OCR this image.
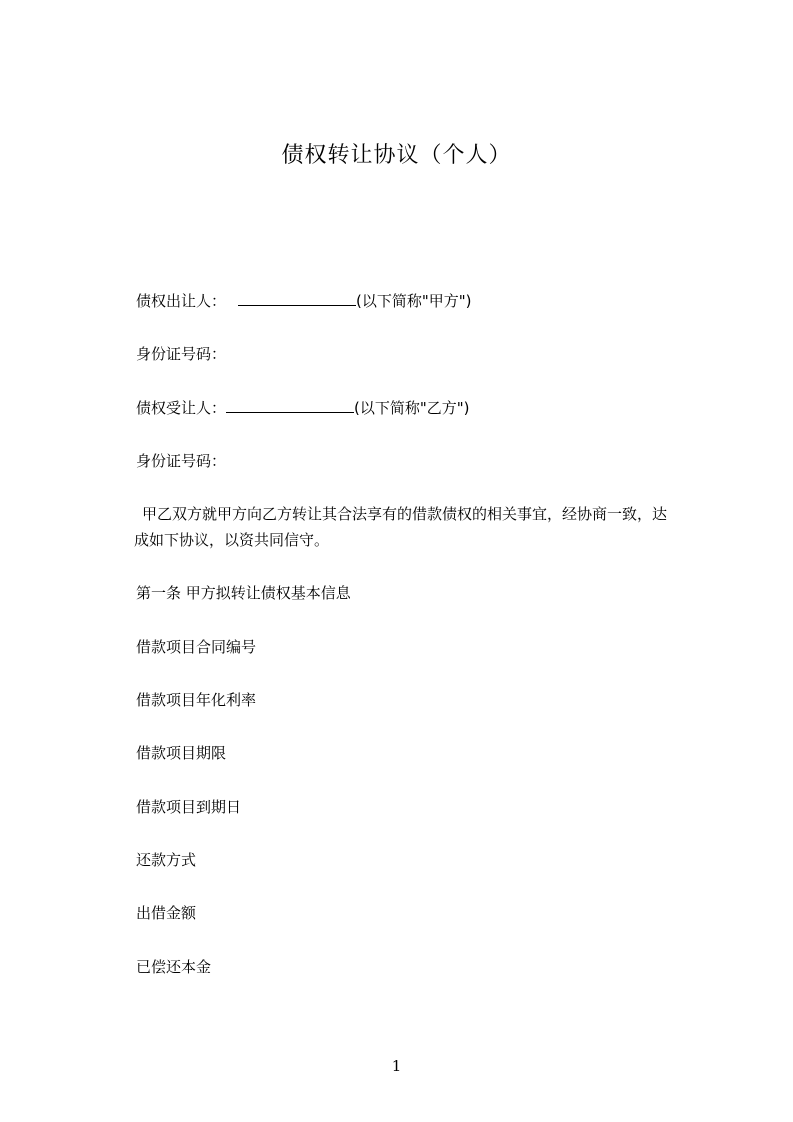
债权转让协议（个人）
债权出让人：	(以下简称"甲方")
身份证号码：
债权受让人：	(以下简称"乙方")
身份证号码：
甲乙双方就甲方向乙方转让其合法享有的借款债权的相关事宜，经协商一致，达
成如下协议，以资共同信守。
第一条 甲方拟转让债权基本信息
借款项目合同编号
借款项目年化利率
借款项目期限
借款项目到期日
还款方式
出借金额
已偿还本金
1
